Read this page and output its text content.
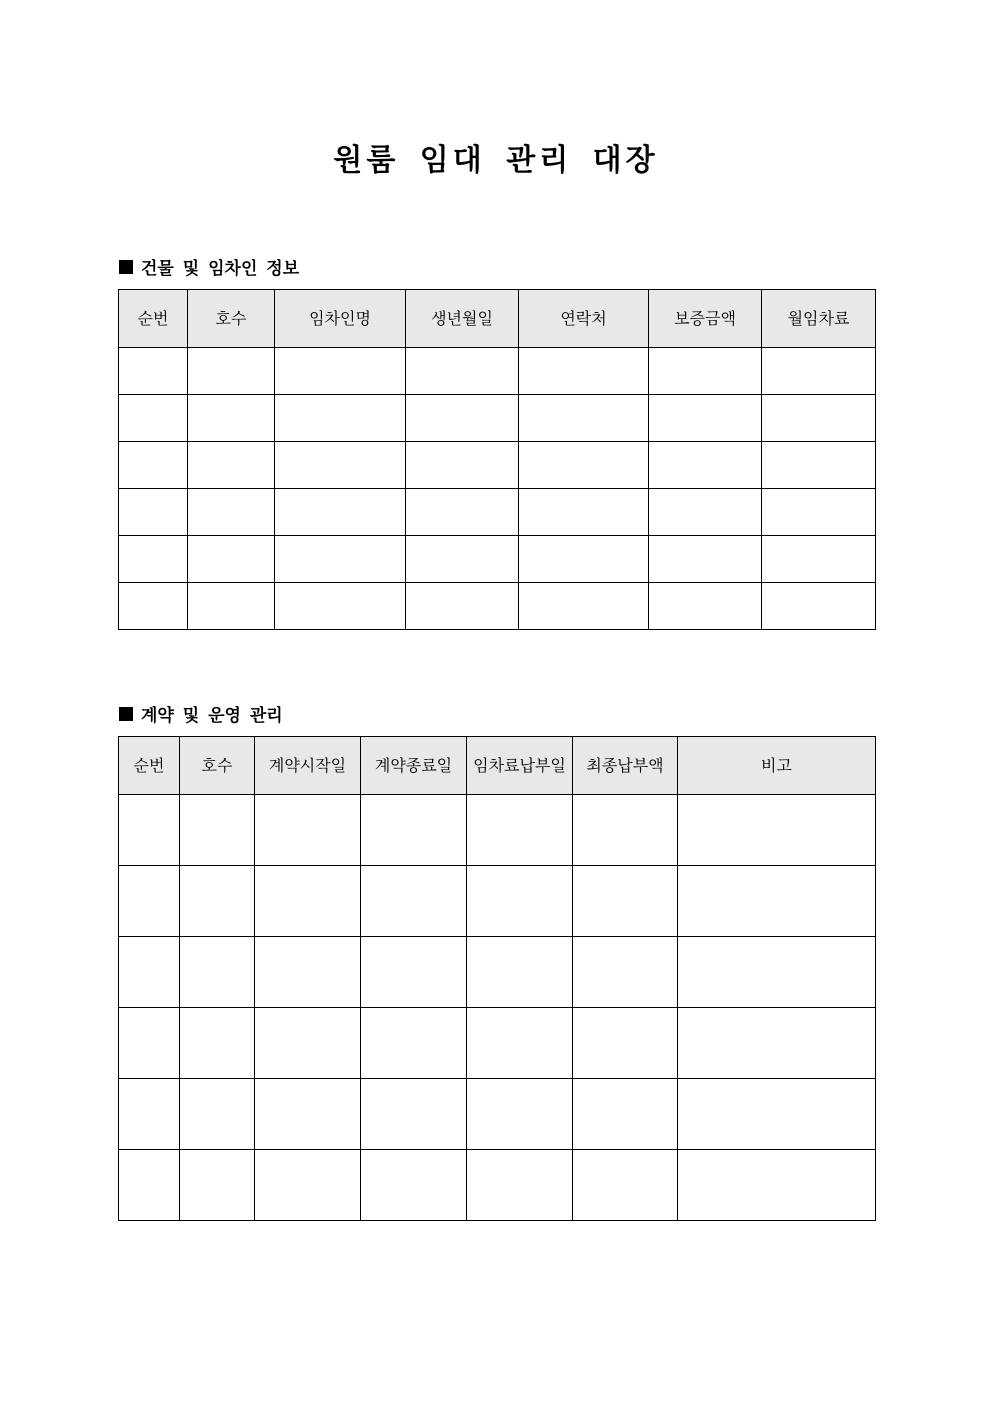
원룸 임대 관리 대장
건물 및 임차인 정보
순번	호수	임차인명	생년월일	연락처	보증금액	월임차료

계약 및 운영 관리
순번	호수	계약시작일	계약종료일	임차료납부일	최종납부액	비고
